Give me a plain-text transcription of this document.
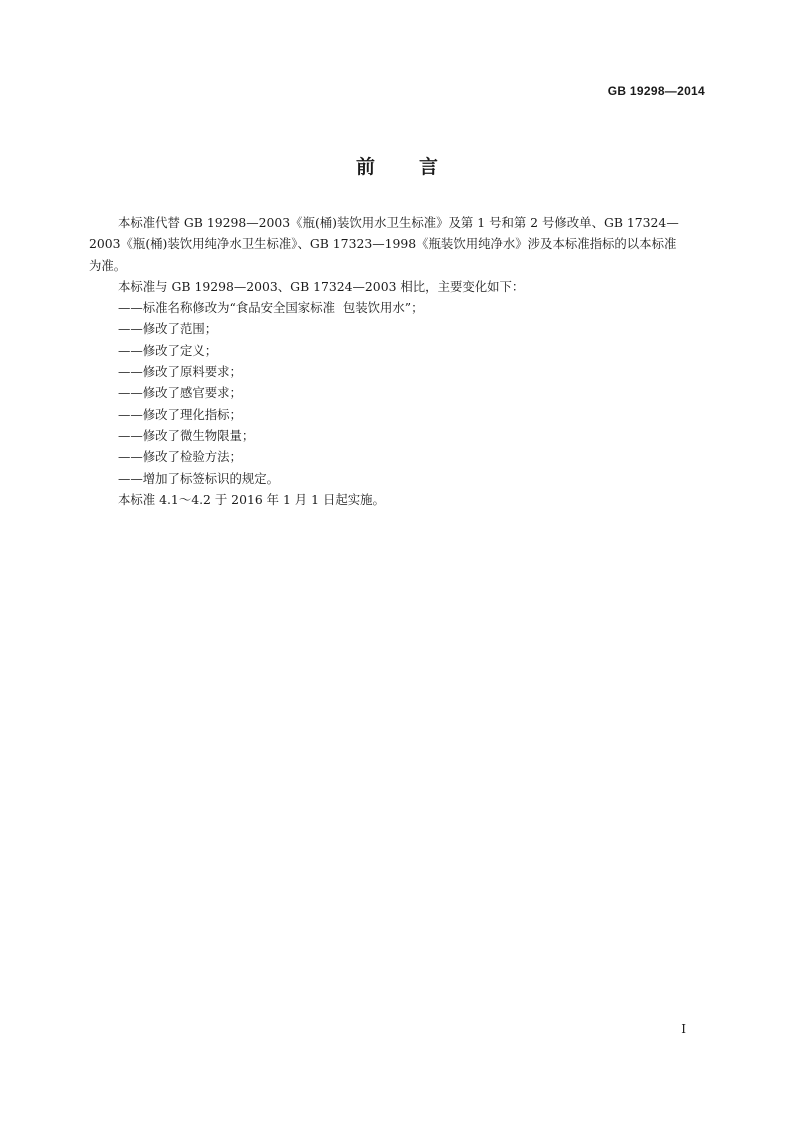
GB 19298—2014
前 言
本标准代替 GB 19298—2003《瓶(桶)装饮用水卫生标准》及第 1 号和第 2 号修改单、GB 17324—
2003《瓶(桶)装饮用纯净水卫生标准》、GB 17323—1998《瓶装饮用纯净水》涉及本标准指标的以本标准
为准。
本标准与 GB 19298—2003、GB 17324—2003 相比，主要变化如下：
——标准名称修改为“食品安全国家标准  包装饮用水”；
——修改了范围；
——修改了定义；
——修改了原料要求；
——修改了感官要求；
——修改了理化指标；
——修改了微生物限量；
——修改了检验方法；
——增加了标签标识的规定。
本标准 4.1～4.2 于 2016 年 1 月 1 日起实施。
I
